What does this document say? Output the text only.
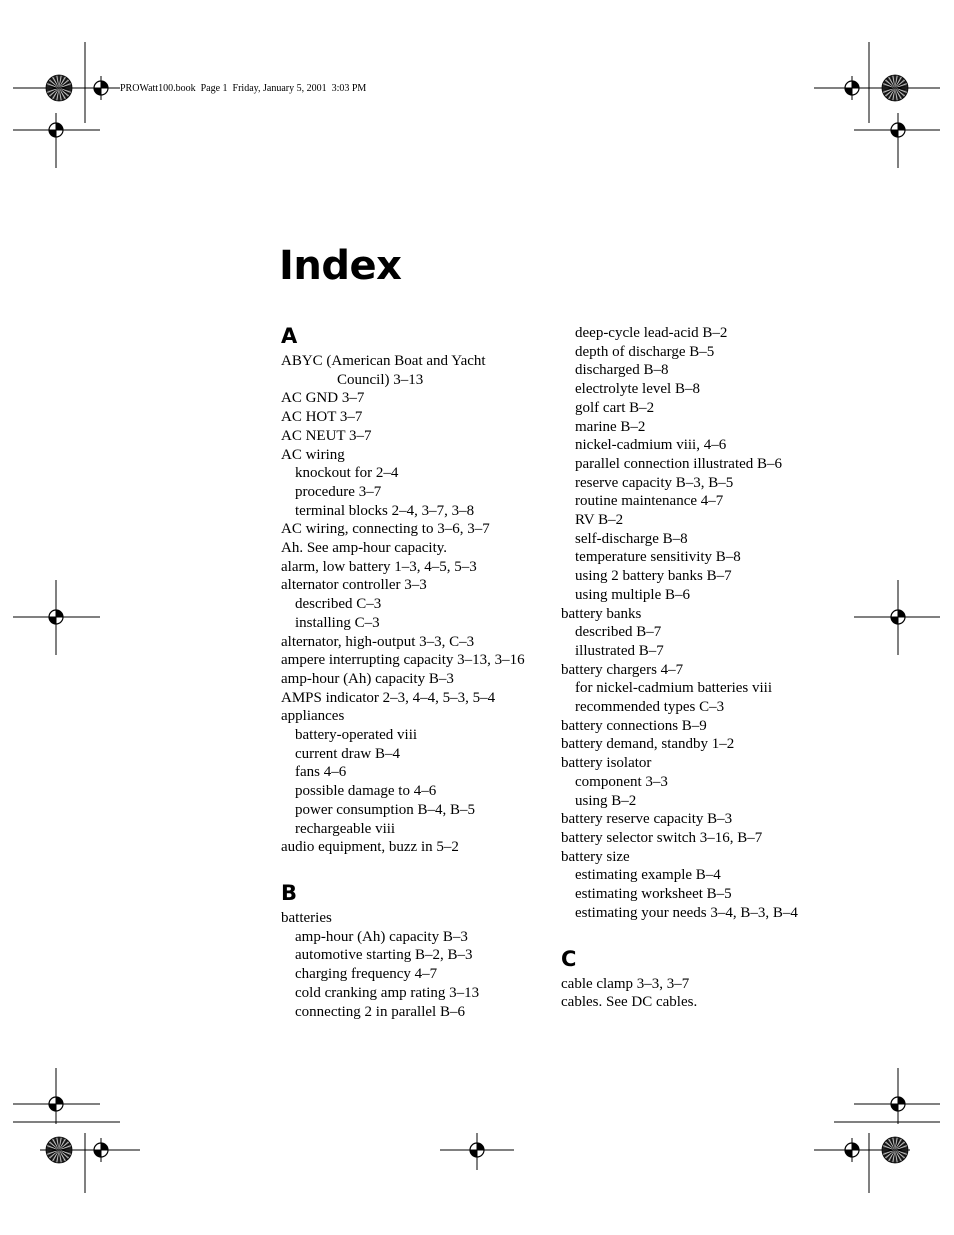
PROWatt100.book  Page 1  Friday, January 5, 2001  3:03 PM
Index
A
ABYC (American Boat and Yacht
Council) 3–13
AC GND 3–7
AC HOT 3–7
AC NEUT 3–7
AC wiring
knockout for 2–4
procedure 3–7
terminal blocks 2–4, 3–7, 3–8
AC wiring, connecting to 3–6, 3–7
Ah. See amp-hour capacity.
alarm, low battery 1–3, 4–5, 5–3
alternator controller 3–3
described C–3
installing C–3
alternator, high-output 3–3, C–3
ampere interrupting capacity 3–13, 3–16
amp-hour (Ah) capacity B–3
AMPS indicator 2–3, 4–4, 5–3, 5–4
appliances
battery-operated viii
current draw B–4
fans 4–6
possible damage to 4–6
power consumption B–4, B–5
rechargeable viii
audio equipment, buzz in 5–2
B
batteries
amp-hour (Ah) capacity B–3
automotive starting B–2, B–3
charging frequency 4–7
cold cranking amp rating 3–13
connecting 2 in parallel B–6
deep-cycle lead-acid B–2
depth of discharge B–5
discharged B–8
electrolyte level B–8
golf cart B–2
marine B–2
nickel-cadmium viii, 4–6
parallel connection illustrated B–6
reserve capacity B–3, B–5
routine maintenance 4–7
RV B–2
self-discharge B–8
temperature sensitivity B–8
using 2 battery banks B–7
using multiple B–6
battery banks
described B–7
illustrated B–7
battery chargers 4–7
for nickel-cadmium batteries viii
recommended types C–3
battery connections B–9
battery demand, standby 1–2
battery isolator
component 3–3
using B–2
battery reserve capacity B–3
battery selector switch 3–16, B–7
battery size
estimating example B–4
estimating worksheet B–5
estimating your needs 3–4, B–3, B–4
C
cable clamp 3–3, 3–7
cables. See DC cables.
